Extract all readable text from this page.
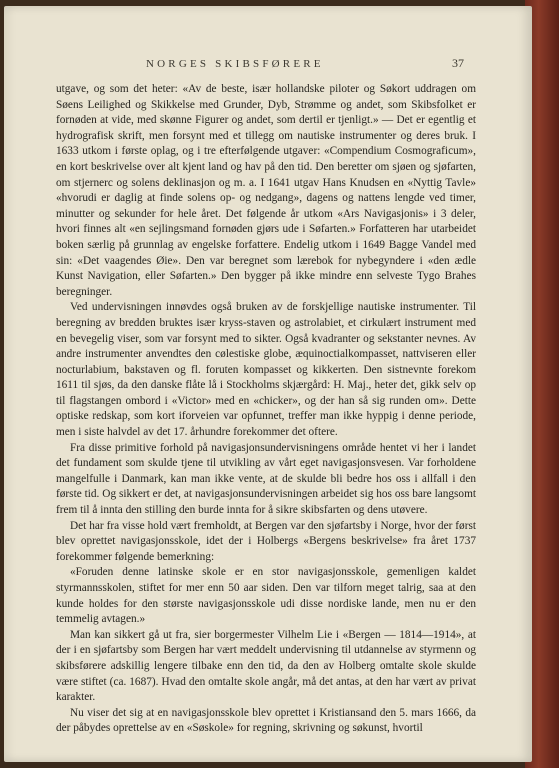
NORGES SKIBSFØRERE	37

utgave, og som det heter: «Av de beste, især hollandske piloter og Søkort uddragen om Søens Leilighed og Skikkelse med Grunder, Dyb, Strømme og andet, som Skibsfolket er fornøden at vide, med skønne Figurer og andet, som dertil er tjenligt.» — Det er egentlig et hydrografisk skrift, men forsynt med et tillegg om nautiske instrumenter og deres bruk. I 1633 utkom i første oplag, og i tre efterfølgende utgaver: «Compendium Cosmograficum», en kort beskrivelse over alt kjent land og hav på den tid. Den beretter om sjøen og sjøfarten, om stjernerс og solens deklinasjon og m. a. I 1641 utgav Hans Knudsen en «Nyttig Tavle» «hvorudi er daglig at finde solens op- og nedgang», dagens og nattens lengde ved timer, minutter og sekunder for hele året. Det følgende år utkom «Ars Navigasjonis» i 3 deler, hvori finnes alt «en sejlingsmand fornøden gjørs ude i Søfarten.» Forfatteren har utarbeidet boken særlig på grunnlag av engelske forfattere. Endelig utkom i 1649 Bagge Vandel med sin: «Det vaagendes Øie». Den var beregnet som lærebok for nybegyndere i «den ædle Kunst Navigation, eller Søfarten.» Den bygger på ikke mindre enn selveste Tygo Brahes beregninger.

Ved undervisningen innøvdes også bruken av de forskjellige nautiske instrumenter. Til beregning av bredden bruktes især kryss-staven og astrolabiet, et cirkulært instrument med en bevegelig viser, som var forsynt med to sikter. Også kvadranter og sekstanter nevnes. Av andre instrumenter anvendtes den cølestiske globe, æquinoctialkompasset, nattviseren eller nocturlabium, bakstaven og fl. foruten kompasset og kikkerten. Den sistnevnte forekom 1611 til sjøs, da den danske flåte lå i Stockholms skjærgård: H. Maj., heter det, gikk selv op til flagstangen ombord i «Victor» med en «chicker», og der han så sig runden om». Dette optiske redskap, som kort iforveien var opfunnet, treffer man ikke hyppig i denne periode, men i siste halvdel av det 17. århundre forekommer det oftere.

Fra disse primitive forhold på navigasjonsundervisningens område hentet vi her i landet det fundament som skulde tjene til utvikling av vårt eget navigasjonsvesen. Var forholdene mangelfulle i Danmark, kan man ikke vente, at de skulde bli bedre hos oss i allfall i den første tid. Og sikkert er det, at navigasjonsundervisningen arbeidet sig hos oss bare langsomt frem til å innta den stilling den burde innta for å sikre skibsfarten og dens utøvere.

Det har fra visse hold vært fremholdt, at Bergen var den sjøfartsby i Norge, hvor der først blev oprettet navigasjonsskole, idet der i Holbergs «Bergens beskrivelse» fra året 1737 forekommer følgende bemerkning:

«Foruden denne latinske skole er en stor navigasjonsskole, gemenligen kaldet styrmannsskolen, stiftet for mer enn 50 aar siden. Den var tilforn meget talrig, saa at den kunde holdes for den største navigasjonsskole udi disse nordiske lande, men nu er den temmelig avtagen.»

Man kan sikkert gå ut fra, sier borgermester Vilhelm Lie i «Bergen — 1814—1914», at der i en sjøfartsby som Bergen har vært meddelt undervisning til utdannelse av styrmenn og skibsførere adskillig lengere tilbake enn den tid, da den av Holberg omtalte skole skulde være stiftet (ca. 1687). Hvad den omtalte skole angår, må det antas, at den har vært av privat karakter.

Nu viser det sig at en navigasjonsskole blev oprettet i Kristiansand den 5. mars 1666, da der påbydes oprettelse av en «Søskole» for regning, skrivning og søkunst, hvortil
